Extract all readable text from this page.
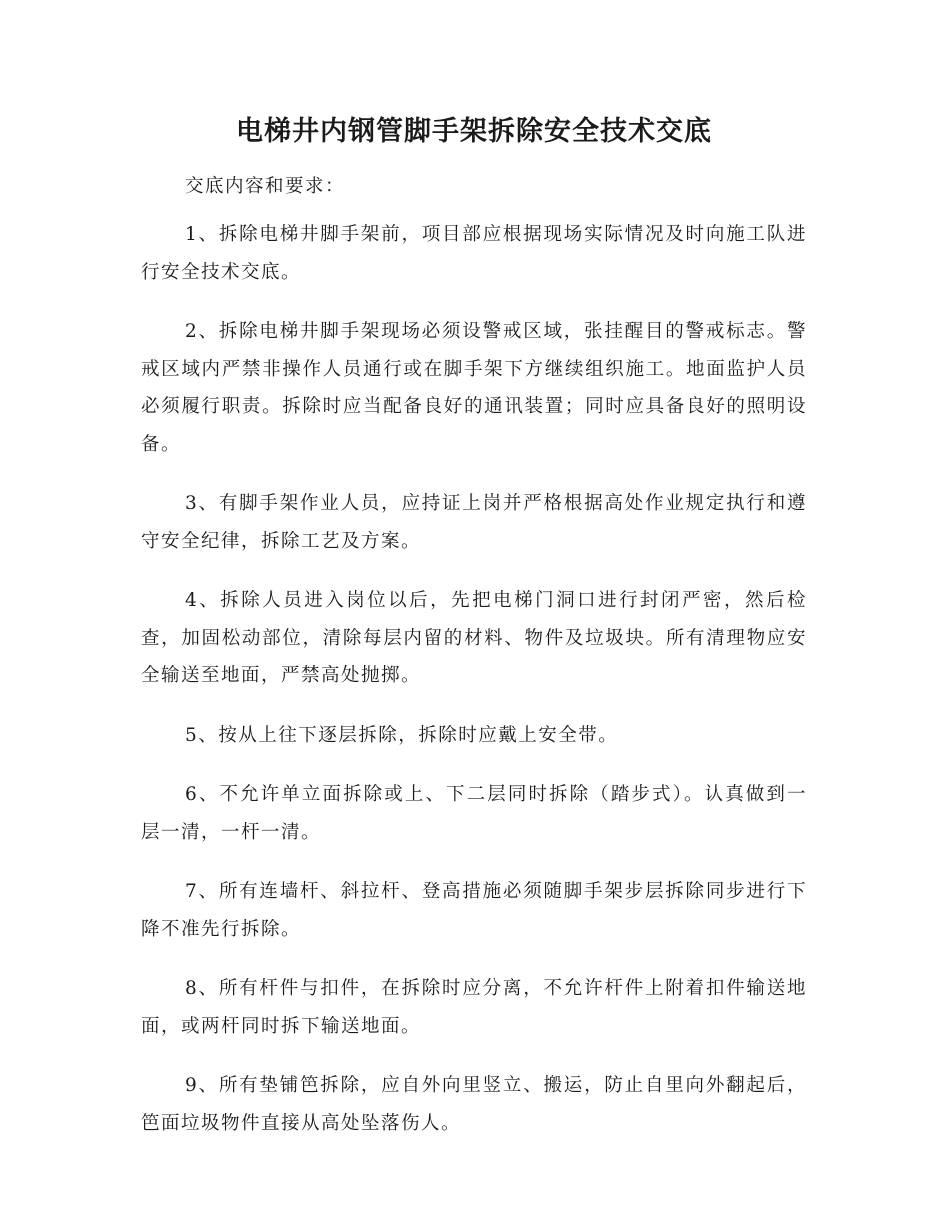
电梯井内钢管脚手架拆除安全技术交底

交底内容和要求：

1、拆除电梯井脚手架前，项目部应根据现场实际情况及时向施工队进行安全技术交底。

2、拆除电梯井脚手架现场必须设警戒区域，张挂醒目的警戒标志。警戒区域内严禁非操作人员通行或在脚手架下方继续组织施工。地面监护人员必须履行职责。拆除时应当配备良好的通讯装置；同时应具备良好的照明设备。

3、有脚手架作业人员，应持证上岗并严格根据高处作业规定执行和遵守安全纪律，拆除工艺及方案。

4、拆除人员进入岗位以后，先把电梯门洞口进行封闭严密，然后检查，加固松动部位，清除每层内留的材料、物件及垃圾块。所有清理物应安全输送至地面，严禁高处抛掷。

5、按从上往下逐层拆除，拆除时应戴上安全带。

6、不允许单立面拆除或上、下二层同时拆除（踏步式）。认真做到一层一清，一杆一清。

7、所有连墙杆、斜拉杆、登高措施必须随脚手架步层拆除同步进行下降不准先行拆除。

8、所有杆件与扣件，在拆除时应分离，不允许杆件上附着扣件输送地面，或两杆同时拆下输送地面。

9、所有垫铺笆拆除，应自外向里竖立、搬运，防止自里向外翻起后，笆面垃圾物件直接从高处坠落伤人。
